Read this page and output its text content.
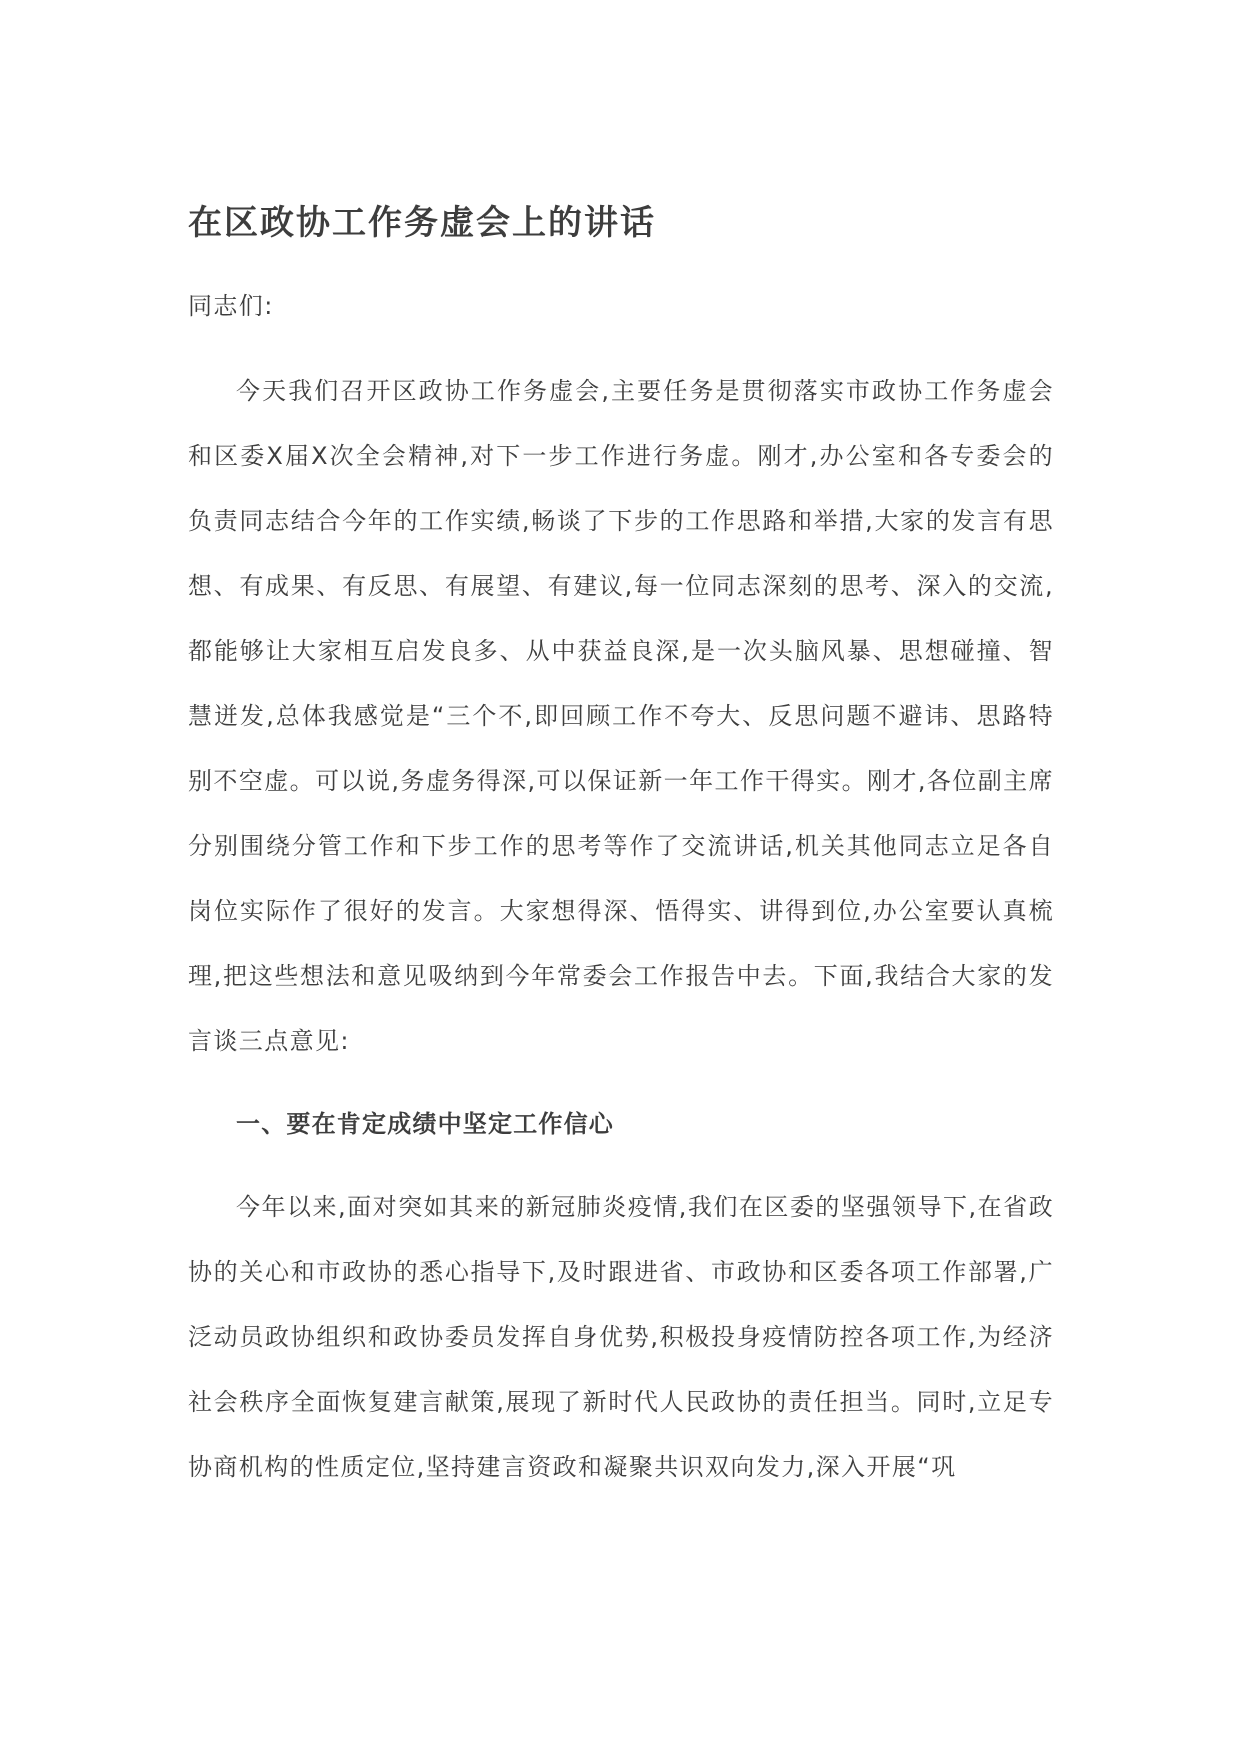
在区政协工作务虚会上的讲话

同志们:

今天我们召开区政协工作务虚会,主要任务是贯彻落实市政协工作务虚会和区委X届X次全会精神,对下一步工作进行务虚。刚才,办公室和各专委会的负责同志结合今年的工作实绩,畅谈了下步的工作思路和举措,大家的发言有思想、有成果、有反思、有展望、有建议,每一位同志深刻的思考、深入的交流,都能够让大家相互启发良多、从中获益良深,是一次头脑风暴、思想碰撞、智慧迸发,总体我感觉是“三个不,即回顾工作不夸大、反思问题不避讳、思路特别不空虚。可以说,务虚务得深,可以保证新一年工作干得实。刚才,各位副主席分别围绕分管工作和下步工作的思考等作了交流讲话,机关其他同志立足各自岗位实际作了很好的发言。大家想得深、悟得实、讲得到位,办公室要认真梳理,把这些想法和意见吸纳到今年常委会工作报告中去。下面,我结合大家的发言谈三点意见:

一、要在肯定成绩中坚定工作信心

今年以来,面对突如其来的新冠肺炎疫情,我们在区委的坚强领导下,在省政协的关心和市政协的悉心指导下,及时跟进省、市政协和区委各项工作部署,广泛动员政协组织和政协委员发挥自身优势,积极投身疫情防控各项工作,为经济社会秩序全面恢复建言献策,展现了新时代人民政协的责任担当。同时,立足专协商机构的性质定位,坚持建言资政和凝聚共识双向发力,深入开展“巩
